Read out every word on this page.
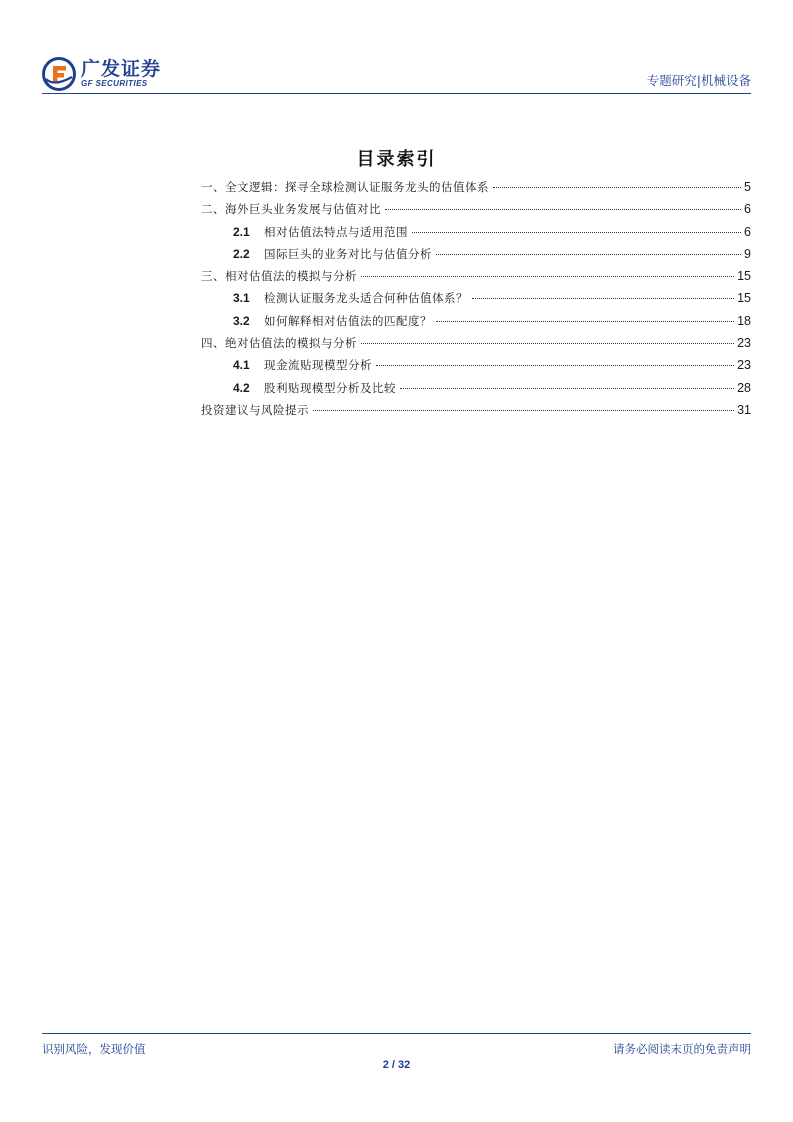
广发证券
GF SECURITIES	专题研究|机械设备
目录索引
一、全文逻辑：探寻全球检测认证服务龙头的估值体系	5
二、海外巨头业务发展与估值对比	6
2.1	相对估值法特点与适用范围	6
2.2	国际巨头的业务对比与估值分析	9
三、相对估值法的模拟与分析	15
3.1	检测认证服务龙头适合何种估值体系？	15
3.2	如何解释相对估值法的匹配度？	18
四、绝对估值法的模拟与分析	23
4.1	现金流贴现模型分析	23
4.2	股利贴现模型分析及比较	28
投资建议与风险提示	31
识别风险，发现价值	请务必阅读末页的免责声明
2 / 32
